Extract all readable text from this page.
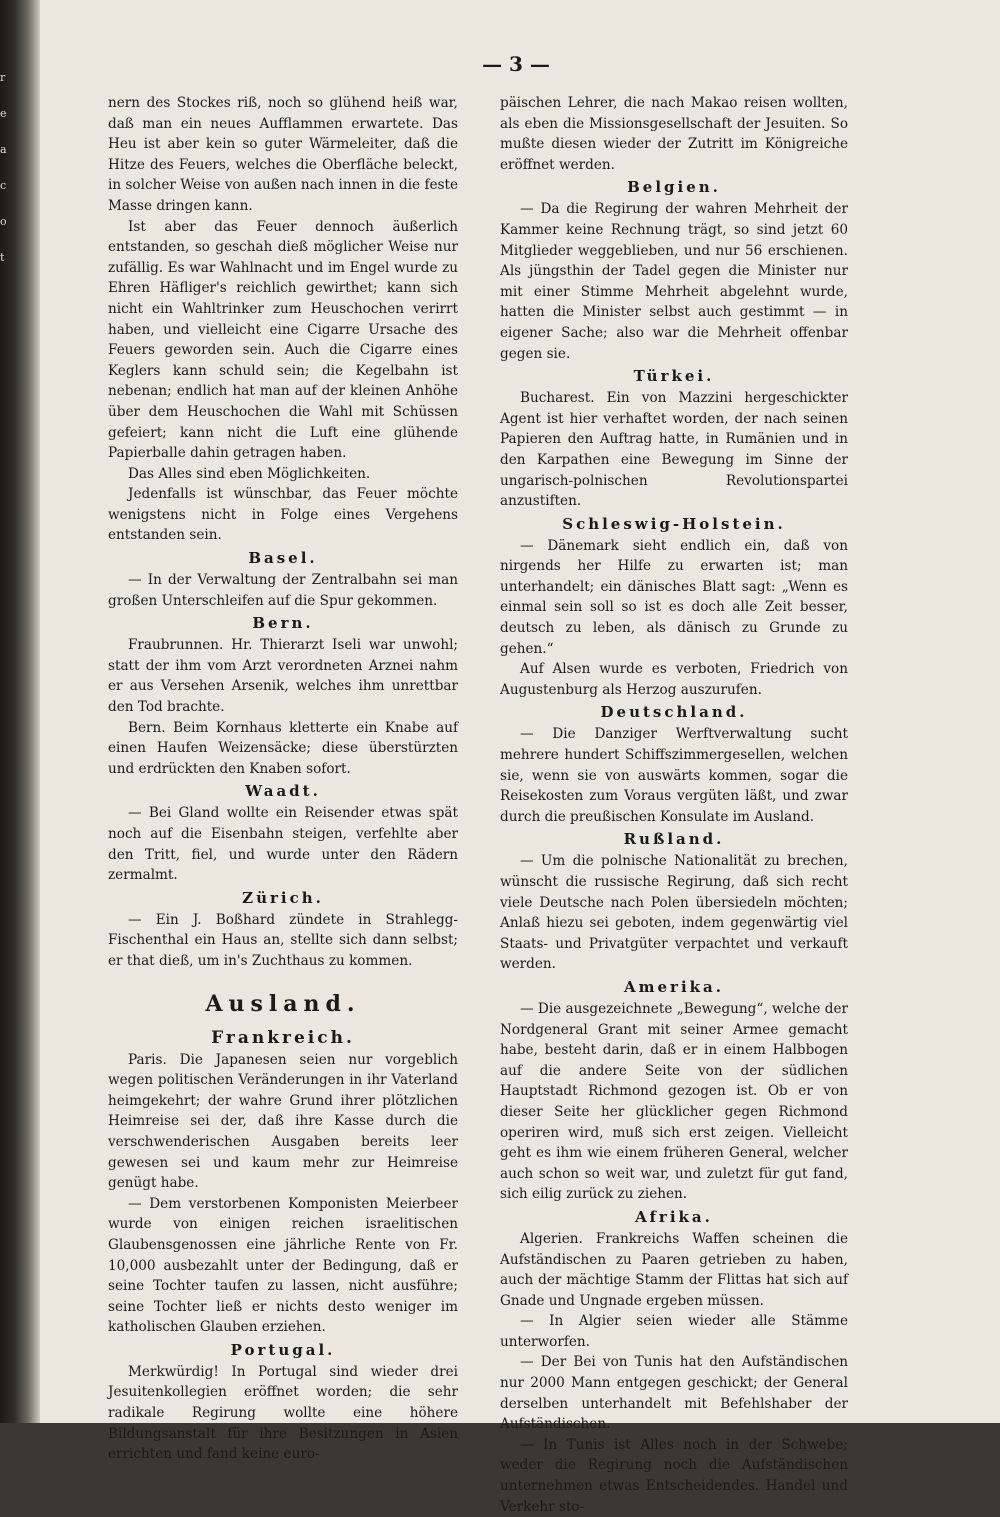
r
e
a
c
o
t
— 3 —

nern des Stockes riß, noch so glühend heiß war, daß man ein neues Aufflammen erwartete. Das Heu ist aber kein so guter Wärmeleiter, daß die Hitze des Feuers, welches die Oberfläche beleckt, in solcher Weise von außen nach innen in die feste Masse dringen kann.

Ist aber das Feuer dennoch äußerlich entstanden, so geschah dieß möglicher Weise nur zufällig. Es war Wahlnacht und im Engel wurde zu Ehren Häfliger's reichlich gewirthet; kann sich nicht ein Wahltrinker zum Heuschochen verirrt haben, und vielleicht eine Cigarre Ursache des Feuers geworden sein. Auch die Cigarre eines Keglers kann schuld sein; die Kegelbahn ist nebenan; endlich hat man auf der kleinen Anhöhe über dem Heuschochen die Wahl mit Schüssen gefeiert; kann nicht die Luft eine glühende Papierballe dahin getragen haben.

Das Alles sind eben Möglichkeiten.

Jedenfalls ist wünschbar, das Feuer möchte wenigstens nicht in Folge eines Vergehens entstanden sein.

Basel.

— In der Verwaltung der Zentralbahn sei man großen Unterschleifen auf die Spur gekommen.

Bern.

Fraubrunnen. Hr. Thierarzt Iseli war unwohl; statt der ihm vom Arzt verordneten Arznei nahm er aus Versehen Arsenik, welches ihm unrettbar den Tod brachte.

Bern. Beim Kornhaus kletterte ein Knabe auf einen Haufen Weizensäcke; diese überstürzten und erdrückten den Knaben sofort.

Waadt.

— Bei Gland wollte ein Reisender etwas spät noch auf die Eisenbahn steigen, verfehlte aber den Tritt, fiel, und wurde unter den Rädern zermalmt.

Zürich.

— Ein J. Boßhard zündete in Strahlegg-Fischenthal ein Haus an, stellte sich dann selbst; er that dieß, um in's Zuchthaus zu kommen.

Ausland.
Frankreich.

Paris. Die Japanesen seien nur vorgeblich wegen politischen Veränderungen in ihr Vaterland heimgekehrt; der wahre Grund ihrer plötzlichen Heimreise sei der, daß ihre Kasse durch die verschwenderischen Ausgaben bereits leer gewesen sei und kaum mehr zur Heimreise genügt habe.

— Dem verstorbenen Komponisten Meierbeer wurde von einigen reichen israelitischen Glaubensgenossen eine jährliche Rente von Fr. 10,000 ausbezahlt unter der Bedingung, daß er seine Tochter taufen zu lassen, nicht ausführe; seine Tochter ließ er nichts desto weniger im katholischen Glauben erziehen.

Portugal.

Merkwürdig! In Portugal sind wieder drei Jesuitenkollegien eröffnet worden; die sehr radikale Regirung wollte eine höhere Bildungsanstalt für ihre Besitzungen in Asien errichten und fand keine euro-

päischen Lehrer, die nach Makao reisen wollten, als eben die Missionsgesellschaft der Jesuiten. So mußte diesen wieder der Zutritt im Königreiche eröffnet werden.

Belgien.

— Da die Regirung der wahren Mehrheit der Kammer keine Rechnung trägt, so sind jetzt 60 Mitglieder weggeblieben, und nur 56 erschienen. Als jüngsthin der Tadel gegen die Minister nur mit einer Stimme Mehrheit abgelehnt wurde, hatten die Minister selbst auch gestimmt — in eigener Sache; also war die Mehrheit offenbar gegen sie.

Türkei.

Bucharest. Ein von Mazzini hergeschickter Agent ist hier verhaftet worden, der nach seinen Papieren den Auftrag hatte, in Rumänien und in den Karpathen eine Bewegung im Sinne der ungarisch-polnischen Revolutionspartei anzustiften.

Schleswig-Holstein.

— Dänemark sieht endlich ein, daß von nirgends her Hilfe zu erwarten ist; man unterhandelt; ein dänisches Blatt sagt: „Wenn es einmal sein soll so ist es doch alle Zeit besser, deutsch zu leben, als dänisch zu Grunde zu gehen.“

Auf Alsen wurde es verboten, Friedrich von Augustenburg als Herzog auszurufen.

Deutschland.

— Die Danziger Werftverwaltung sucht mehrere hundert Schiffszimmergesellen, welchen sie, wenn sie von auswärts kommen, sogar die Reisekosten zum Voraus vergüten läßt, und zwar durch die preußischen Konsulate im Ausland.

Rußland.

— Um die polnische Nationalität zu brechen, wünscht die russische Regirung, daß sich recht viele Deutsche nach Polen übersiedeln möchten; Anlaß hiezu sei geboten, indem gegenwärtig viel Staats- und Privatgüter verpachtet und verkauft werden.

Amerika.

— Die ausgezeichnete „Bewegung“, welche der Nordgeneral Grant mit seiner Armee gemacht habe, besteht darin, daß er in einem Halbbogen auf die andere Seite von der südlichen Hauptstadt Richmond gezogen ist. Ob er von dieser Seite her glücklicher gegen Richmond operiren wird, muß sich erst zeigen. Vielleicht geht es ihm wie einem früheren General, welcher auch schon so weit war, und zuletzt für gut fand, sich eilig zurück zu ziehen.

Afrika.

Algerien. Frankreichs Waffen scheinen die Aufständischen zu Paaren getrieben zu haben, auch der mächtige Stamm der Flittas hat sich auf Gnade und Ungnade ergeben müssen.

— In Algier seien wieder alle Stämme unterworfen.

— Der Bei von Tunis hat den Aufständischen nur 2000 Mann entgegen geschickt; der General derselben unterhandelt mit Befehlshaber der Aufständischen.

— In Tunis ist Alles noch in der Schwebe; weder die Regirung noch die Aufständischen unternehmen etwas Entscheidendes. Handel und Verkehr sto-
